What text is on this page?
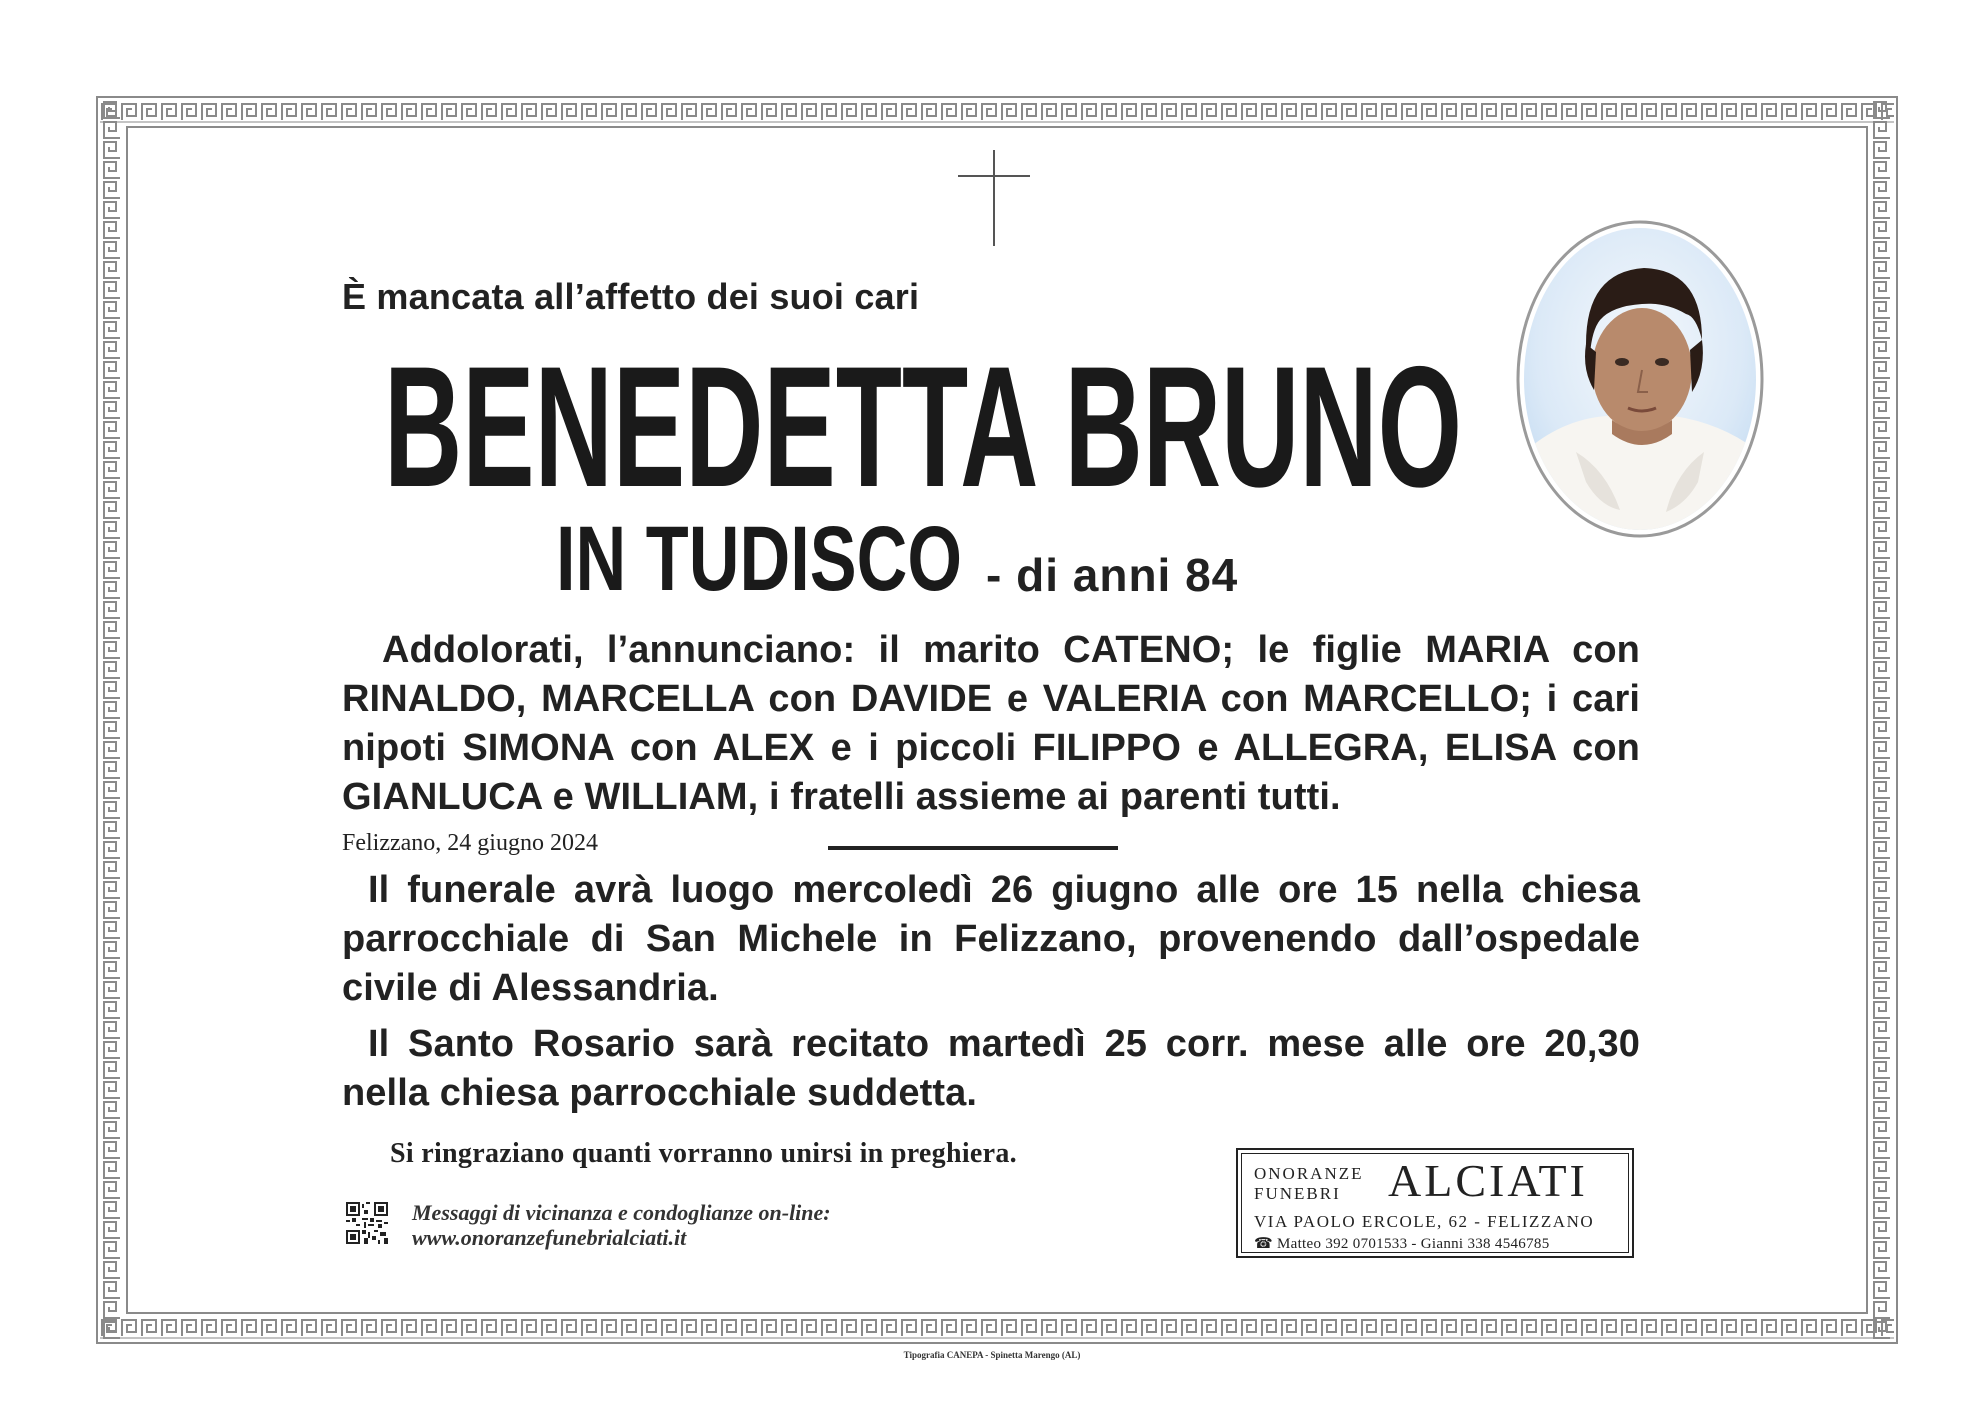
È mancata all’affetto dei suoi cari
BENEDETTA BRUNO
IN TUDISCO - di anni 84
Addolorati, l’annunciano: il marito CATENO; le figlie MARIA con RINALDO, MARCELLA con DAVIDE e VALERIA con MARCELLO; i cari nipoti SIMONA con ALEX e i piccoli FILIPPO e ALLEGRA, ELISA con GIANLUCA e WILLIAM, i fratelli assieme ai parenti tutti.
Felizzano, 24 giugno 2024
Il funerale avrà luogo mercoledì 26 giugno alle ore 15 nella chiesa parrocchiale di San Michele in Felizzano, provenendo dall’ospedale civile di Alessandria.
Il Santo Rosario sarà recitato martedì 25 corr. mese alle ore 20,30 nella chiesa parrocchiale suddetta.
Si ringraziano quanti vorranno unirsi in preghiera.
Messaggi di vicinanza e condoglianze on-line:
www.onoranzefunebrialciati.it
ONORANZE
FUNEBRI	ALCIATI
VIA PAOLO ERCOLE, 62 - FELIZZANO
☎ Matteo 392 0701533 - Gianni 338 4546785
Tipografia CANEPA - Spinetta Marengo (AL)
